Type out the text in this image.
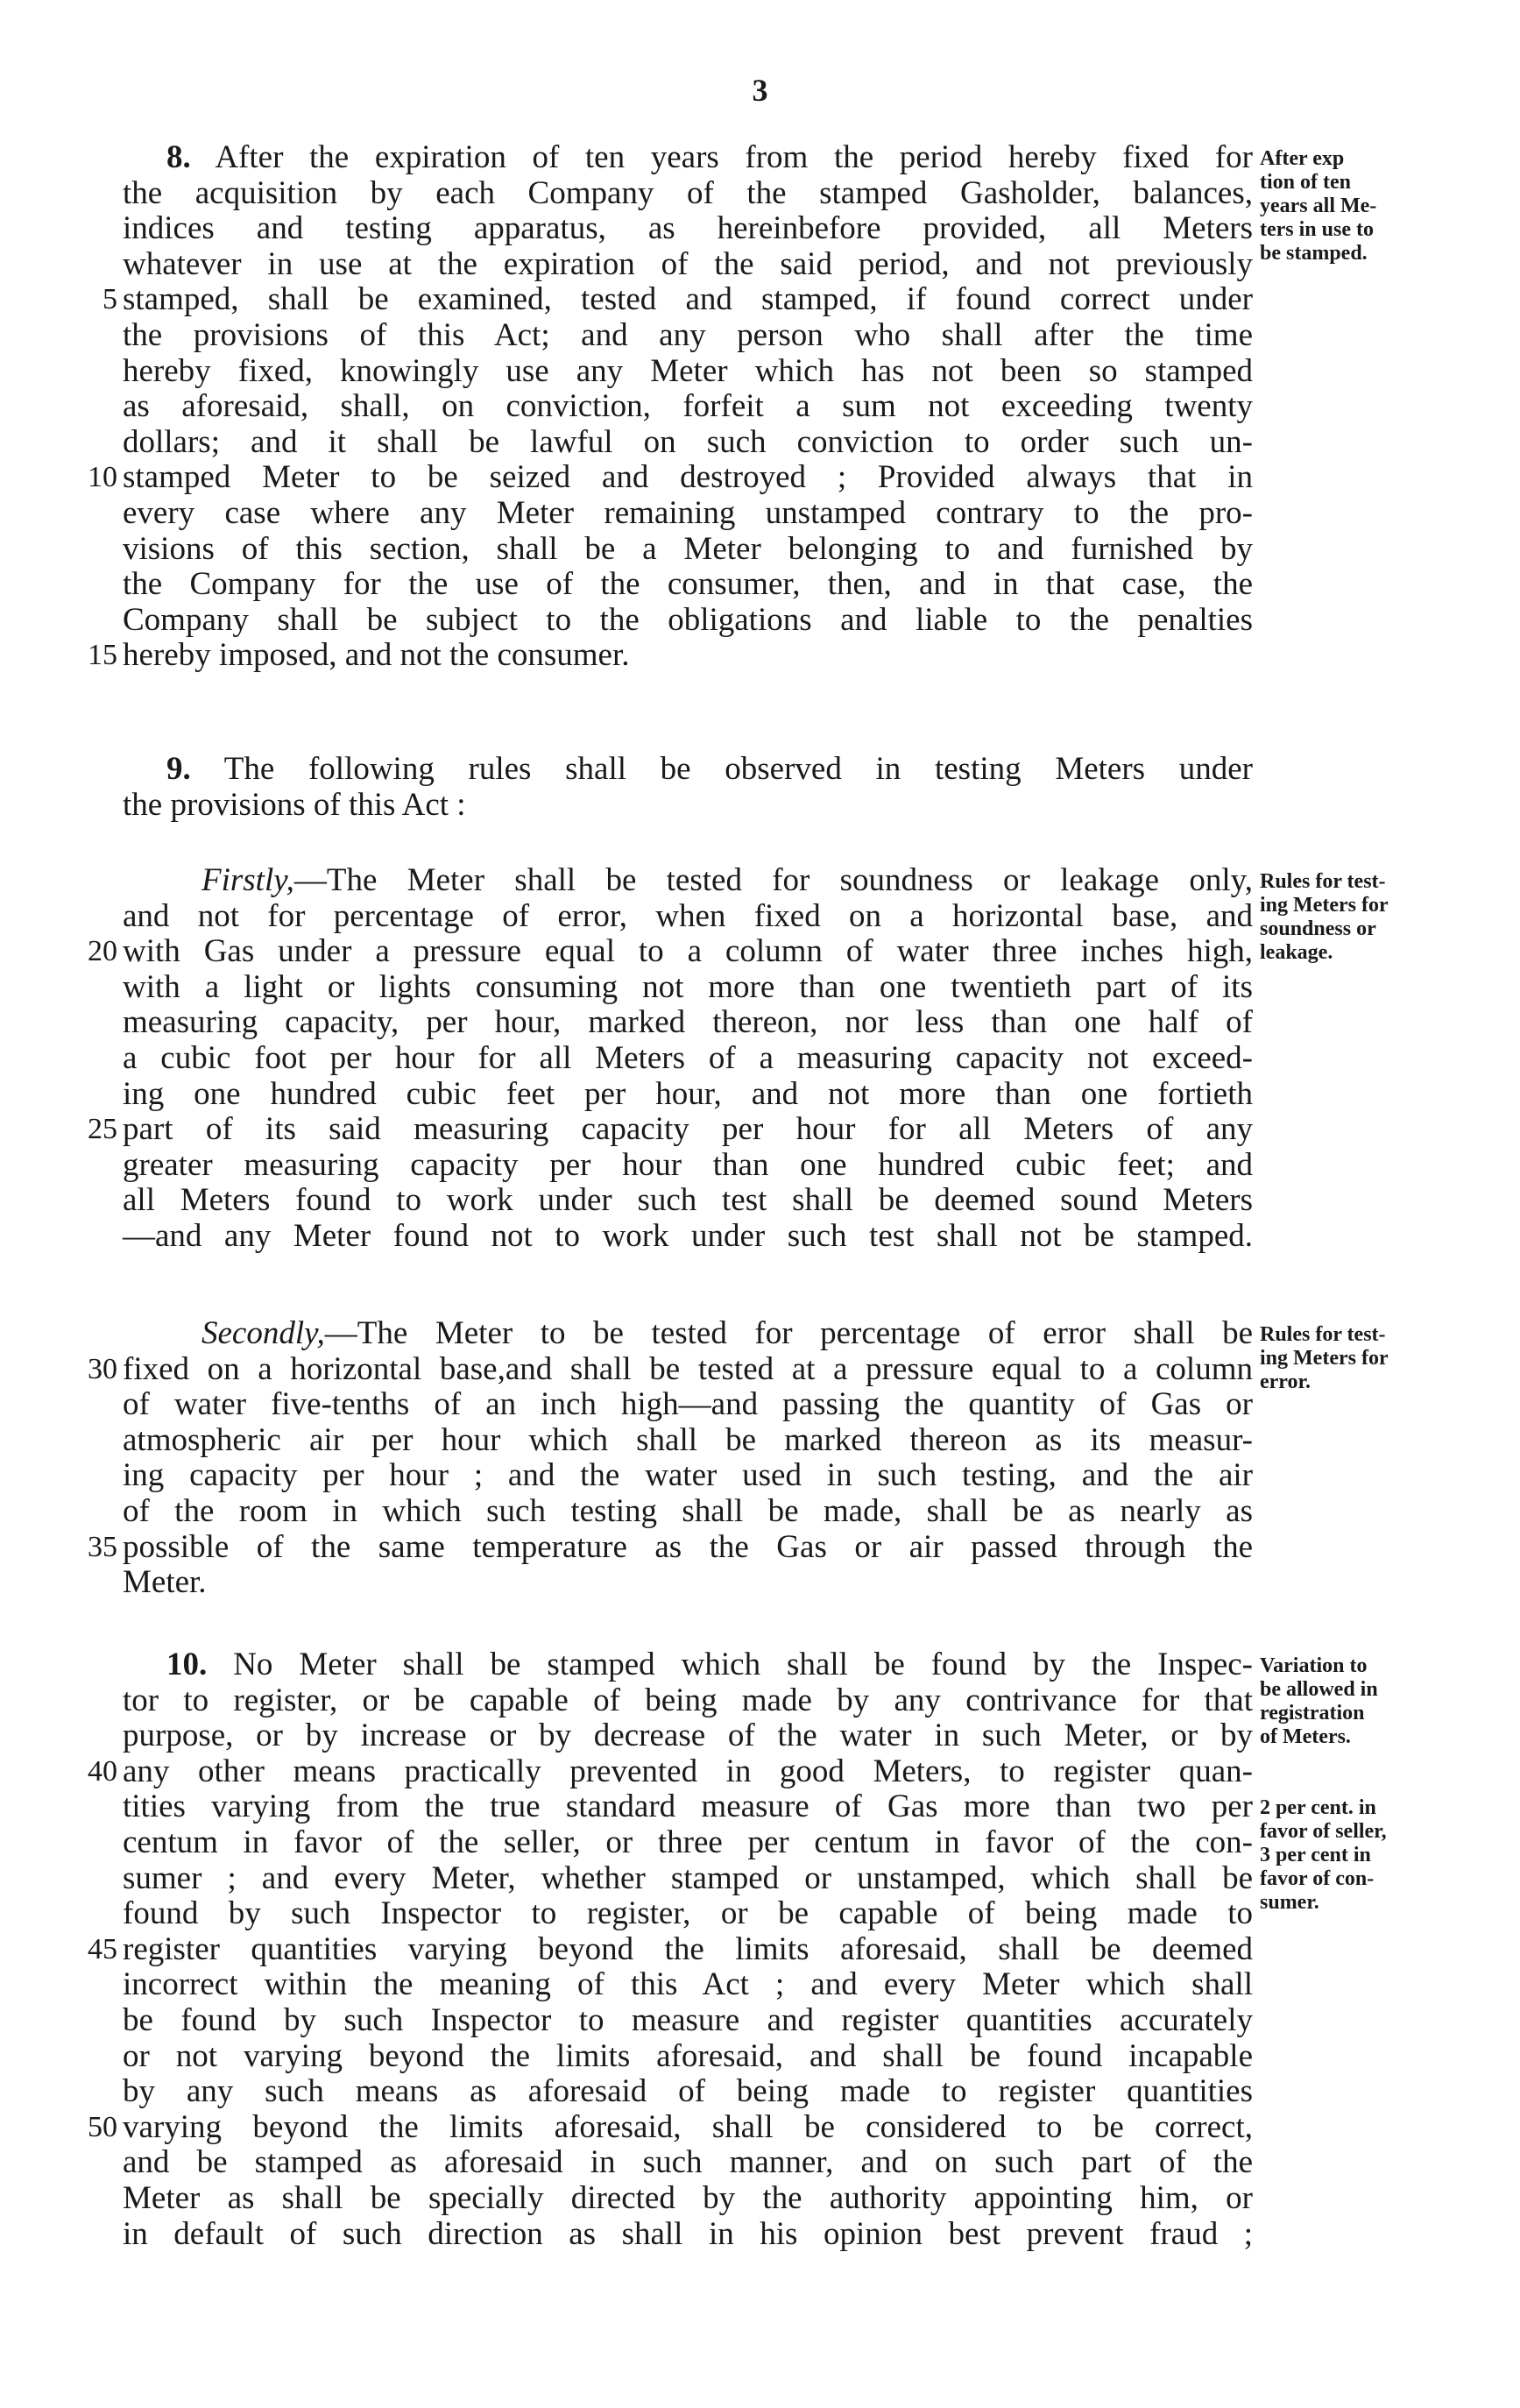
3
8. After the expiration of ten years from the period hereby fixed for
the acquisition by each Company of the stamped Gasholder, balances,
indices and testing apparatus, as hereinbefore provided, all Meters
whatever in use at the expiration of the said period, and not previously
5 stamped, shall be examined, tested and stamped, if found correct under
the provisions of this Act; and any person who shall after the time
hereby fixed, knowingly use any Meter which has not been so stamped
as aforesaid, shall, on conviction, forfeit a sum not exceeding twenty
dollars; and it shall be lawful on such conviction to order such un-
10 stamped Meter to be seized and destroyed ; Provided always that in
every case where any Meter remaining unstamped contrary to the pro-
visions of this section, shall be a Meter belonging to and furnished by
the Company for the use of the consumer, then, and in that case, the
Company shall be subject to the obligations and liable to the penalties
15 hereby imposed, and not the consumer.
After exp
tion of ten
years all Me-
ters in use to
be stamped.
9. The following rules shall be observed in testing Meters under
the provisions of this Act :
Firstly,—The Meter shall be tested for soundness or leakage only,
and not for percentage of error, when fixed on a horizontal base, and
20 with Gas under a pressure equal to a column of water three inches high,
with a light or lights consuming not more than one twentieth part of its
measuring capacity, per hour, marked thereon, nor less than one half of
a cubic foot per hour for all Meters of a measuring capacity not exceed-
ing one hundred cubic feet per hour, and not more than one fortieth
25 part of its said measuring capacity per hour for all Meters of any
greater measuring capacity per hour than one hundred cubic feet; and
all Meters found to work under such test shall be deemed sound Meters
—and any Meter found not to work under such test shall not be stamped.
Rules for test-
ing Meters for
soundness or
leakage.
Secondly,—The Meter to be tested for percentage of error shall be
30 fixed on a horizontal base,and shall be tested at a pressure equal to a column
of water five-tenths of an inch high—and passing the quantity of Gas or
atmospheric air per hour which shall be marked thereon as its measur-
ing capacity per hour ; and the water used in such testing, and the air
of the room in which such testing shall be made, shall be as nearly as
35 possible of the same temperature as the Gas or air passed through the
Meter.
Rules for test-
ing Meters for
error.
10. No Meter shall be stamped which shall be found by the Inspec-
tor to register, or be capable of being made by any contrivance for that
purpose, or by increase or by decrease of the water in such Meter, or by
40 any other means practically prevented in good Meters, to register quan-
tities varying from the true standard measure of Gas more than two per
centum in favor of the seller, or three per centum in favor of the con-
sumer ; and every Meter, whether stamped or unstamped, which shall be
found by such Inspector to register, or be capable of being made to
45 register quantities varying beyond the limits aforesaid, shall be deemed
incorrect within the meaning of this Act ; and every Meter which shall
be found by such Inspector to measure and register quantities accurately
or not varying beyond the limits aforesaid, and shall be found incapable
by any such means as aforesaid of being made to register quantities
50 varying beyond the limits aforesaid, shall be considered to be correct,
and be stamped as aforesaid in such manner, and on such part of the
Meter as shall be specially directed by the authority appointing him, or
in default of such direction as shall in his opinion best prevent fraud ;
Variation to
be allowed in
registration
of Meters.
2 per cent. in
favor of seller,
3 per cent in
favor of con-
sumer.
